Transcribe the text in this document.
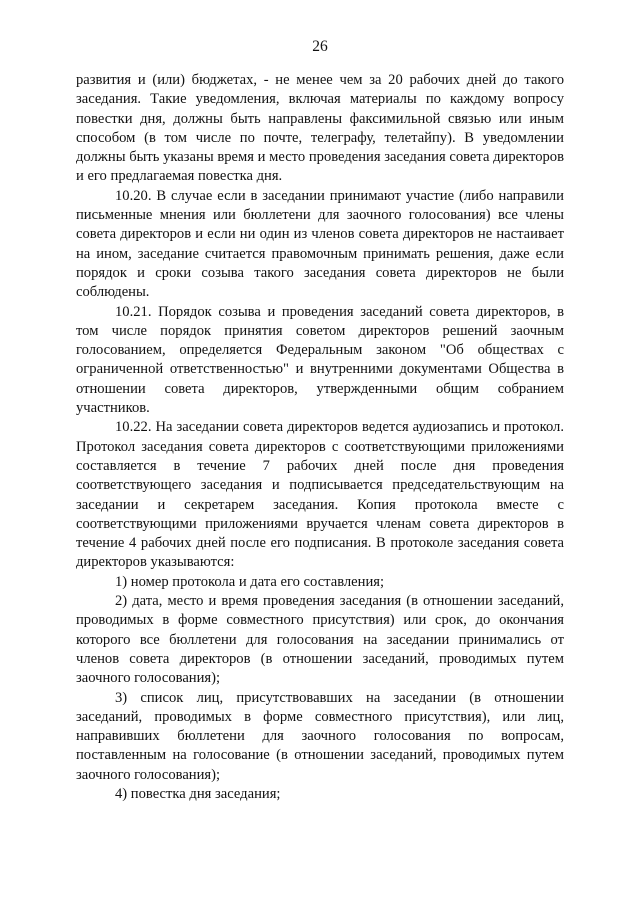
26

развития и (или) бюджетах, - не менее чем за 20 рабочих дней до такого заседания. Такие уведомления, включая материалы по каждому вопросу повестки дня, должны быть направлены факсимильной связью или иным способом (в том числе по почте, телеграфу, телетайпу). В уведомлении должны быть указаны время и место проведения заседания совета директоров и его предлагаемая повестка дня.

10.20. В случае если в заседании принимают участие (либо направили письменные мнения или бюллетени для заочного голосования) все члены совета директоров и если ни один из членов совета директоров не настаивает на ином, заседание считается правомочным принимать решения, даже если порядок и сроки созыва такого заседания совета директоров не были соблюдены.

10.21. Порядок созыва и проведения заседаний совета директоров, в том числе порядок принятия советом директоров решений заочным голосованием, определяется Федеральным законом "Об обществах с ограниченной ответственностью" и внутренними документами Общества в отношении совета директоров, утвержденными общим собранием участников.

10.22. На заседании совета директоров ведется аудиозапись и протокол. Протокол заседания совета директоров с соответствующими приложениями составляется в течение 7 рабочих дней после дня проведения соответствующего заседания и подписывается председательствующим на заседании и секретарем заседания. Копия протокола вместе с соответствующими приложениями вручается членам совета директоров в течение 4 рабочих дней после его подписания. В протоколе заседания совета директоров указываются:

1) номер протокола и дата его составления;

2) дата, место и время проведения заседания (в отношении заседаний, проводимых в форме совместного присутствия) или срок, до окончания которого все бюллетени для голосования на заседании принимались от членов совета директоров (в отношении заседаний, проводимых путем заочного голосования);

3) список лиц, присутствовавших на заседании (в отношении заседаний, проводимых в форме совместного присутствия), или лиц, направивших бюллетени для заочного голосования по вопросам, поставленным на голосование (в отношении заседаний, проводимых путем заочного голосования);

4) повестка дня заседания;
